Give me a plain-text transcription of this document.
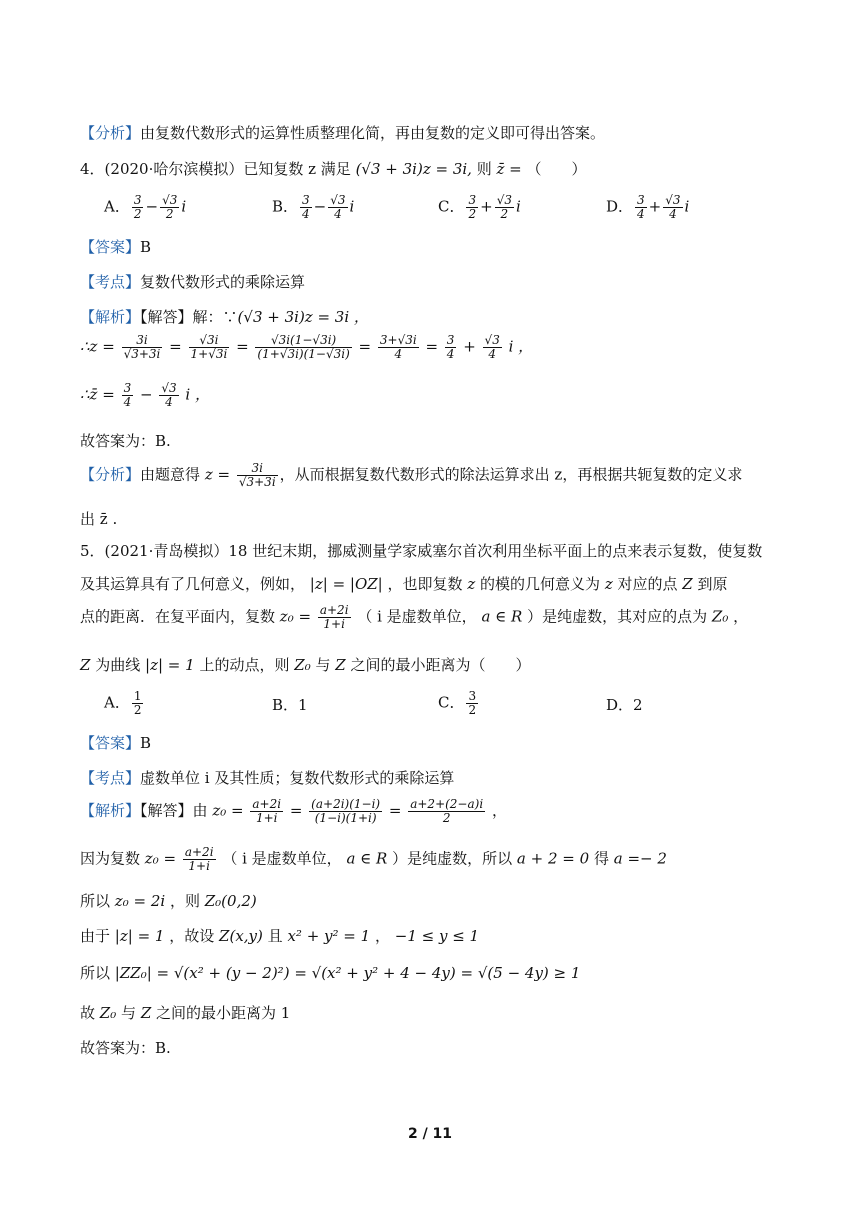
【分析】由复数代数形式的运算性质整理化简，再由复数的定义即可得出答案。
4．(2020·哈尔滨模拟）已知复数 z 满足 (√3 + 3i)z = 3i, 则 z̄ = （　　）
A． $\frac{3}{2} - \frac{√3}{2}$ i	B． $\frac{3}{4} - \frac{√3}{4}$ i	C． $\frac{3}{2} + \frac{√3}{2}$ i	D． $\frac{3}{4} + \frac{√3}{4}$ i
【答案】B
【考点】复数代数形式的乘除运算
【解析】【解答】解：∵(√3 + 3i)z = 3i ，
∴z = $\frac{3i}{√3+3i} = \frac{√3i}{1+√3i} = \frac{√3i(1-√3i)}{(1+√3i)(1-√3i)} = \frac{3+√3i}{4} = \frac{3}{4} + \frac{√3}{4}$ i ，
∴z̄ = $\frac{3}{4} - \frac{√3}{4}$ i ，
故答案为：B.
【分析】由题意得 $z = \frac{3i}{√3+3i}$ ，从而根据复数代数形式的除法运算求出 z，再根据共轭复数的定义求
出 z̄ .
5．(2021·青岛模拟）18 世纪末期，挪威测量学家威塞尔首次利用坐标平面上的点来表示复数，使复数
及其运算具有了几何意义，例如， |z| = |OZ| ，也即复数 z 的模的几何意义为 z 对应的点 Z 到原
点的距离．在复平面内，复数 $z_0 = \frac{a+2i}{1+i}$ （ i 是虚数单位， a ∈ R ）是纯虚数，其对应的点为 Z₀ ，
Z 为曲线 |z| = 1 上的动点，则 Z₀ 与 Z 之间的最小距离为（　　）
A． $\frac{1}{2}$	B．1	C． $\frac{3}{2}$	D．2
【答案】B
【考点】虚数单位 i 及其性质；复数代数形式的乘除运算
【解析】【解答】由 $z_0 = \frac{a+2i}{1+i} = \frac{(a+2i)(1-i)}{(1-i)(1+i)} = \frac{a+2+(2-a)i}{2}$ ，
因为复数 $z_0 = \frac{a+2i}{1+i}$ （ i 是虚数单位， a ∈ R ）是纯虚数，所以 a + 2 = 0 得 a =− 2
所以 z₀ = 2i ，则 Z₀(0,2)
由于 |z| = 1 ，故设 Z(x,y) 且 x² + y² = 1 ， −1 ≤ y ≤ 1
所以 |ZZ₀| = √(x² + (y − 2)²) = √(x² + y² + 4 − 4y) = √(5 − 4y) ≥ 1
故 Z₀ 与 Z 之间的最小距离为 1
故答案为：B.
2 / 11
